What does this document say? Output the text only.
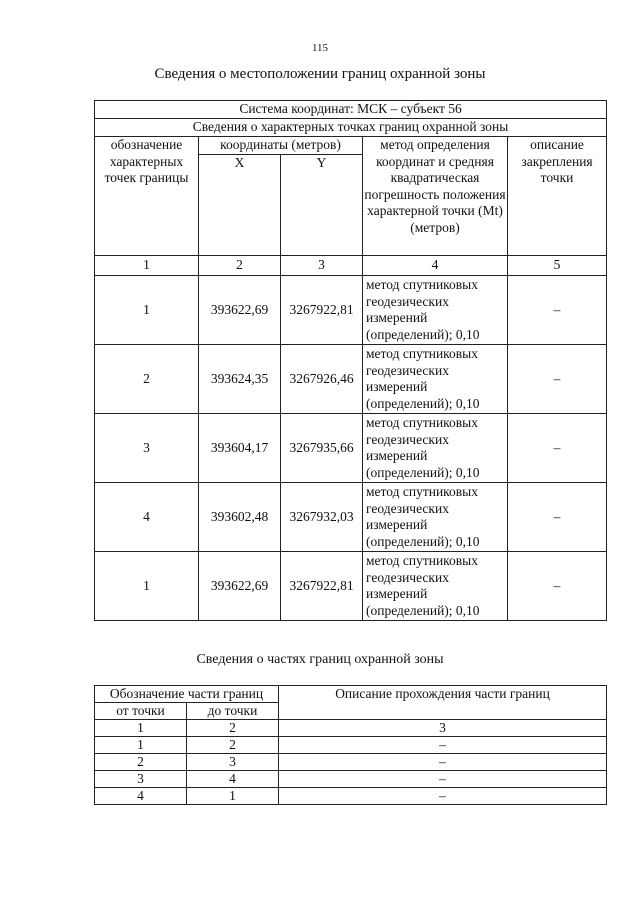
115
Сведения о местоположении границ охранной зоны
Система координат: МСК – субъект 56				
Сведения о характерных точках границ охранной зоны				
обозначение характерных точек границы	координаты (метров)		метод определения координат и средняя квадратическая погрешность положения характерной точки (Mt) (метров)	описание закрепления точки
	X	Y		
1	2	3	4	5
1	393622,69	3267922,81	метод спутниковых геодезических измерений (определений); 0,10	–
2	393624,35	3267926,46	метод спутниковых геодезических измерений (определений); 0,10	–
3	393604,17	3267935,66	метод спутниковых геодезических измерений (определений); 0,10	–
4	393602,48	3267932,03	метод спутниковых геодезических измерений (определений); 0,10	–
1	393622,69	3267922,81	метод спутниковых геодезических измерений (определений); 0,10	–
Сведения о частях границ охранной зоны
Обозначение части границ		Описание прохождения части границ
от точки	до точки	
1	2	3
1	2	–
2	3	–
3	4	–
4	1	–
